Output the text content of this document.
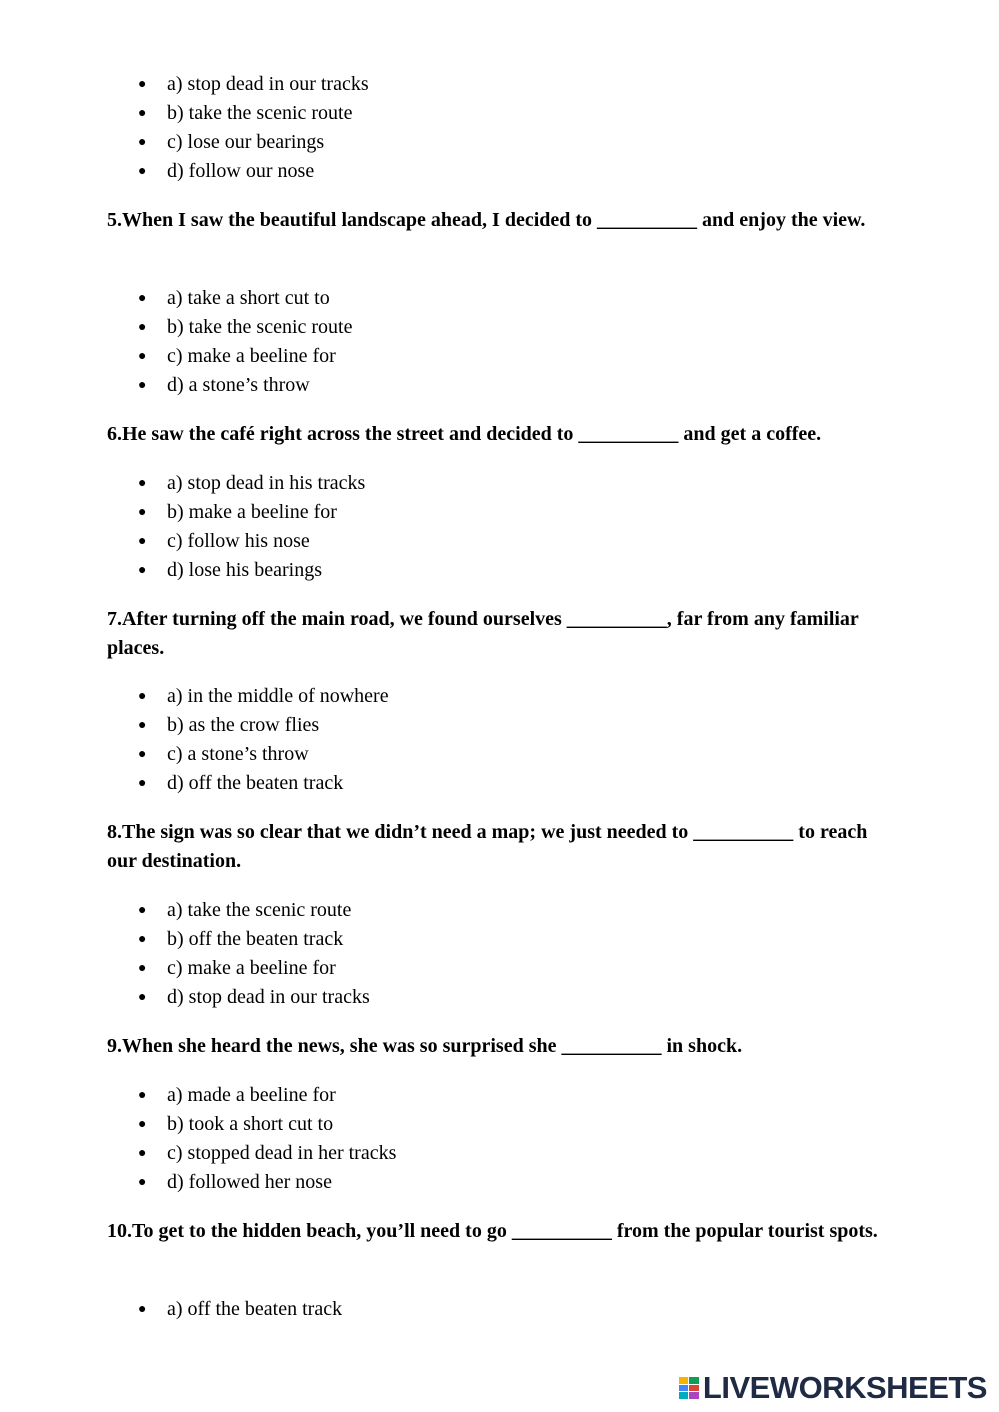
● a) stop dead in our tracks
● b) take the scenic route
● c) lose our bearings
● d) follow our nose

5.When I saw the beautiful landscape ahead, I decided to __________ and enjoy the view.

● a) take a short cut to
● b) take the scenic route
● c) make a beeline for
● d) a stone’s throw

6.He saw the café right across the street and decided to __________ and get a coffee.

● a) stop dead in his tracks
● b) make a beeline for
● c) follow his nose
● d) lose his bearings

7.After turning off the main road, we found ourselves __________, far from any familiar places.

● a) in the middle of nowhere
● b) as the crow flies
● c) a stone’s throw
● d) off the beaten track

8.The sign was so clear that we didn’t need a map; we just needed to __________ to reach our destination.

● a) take the scenic route
● b) off the beaten track
● c) make a beeline for
● d) stop dead in our tracks

9.When she heard the news, she was so surprised she __________ in shock.

● a) made a beeline for
● b) took a short cut to
● c) stopped dead in her tracks
● d) followed her nose

10.To get to the hidden beach, you’ll need to go __________ from the popular tourist spots.

● a) off the beaten track
LIVEWORKSHEETS
